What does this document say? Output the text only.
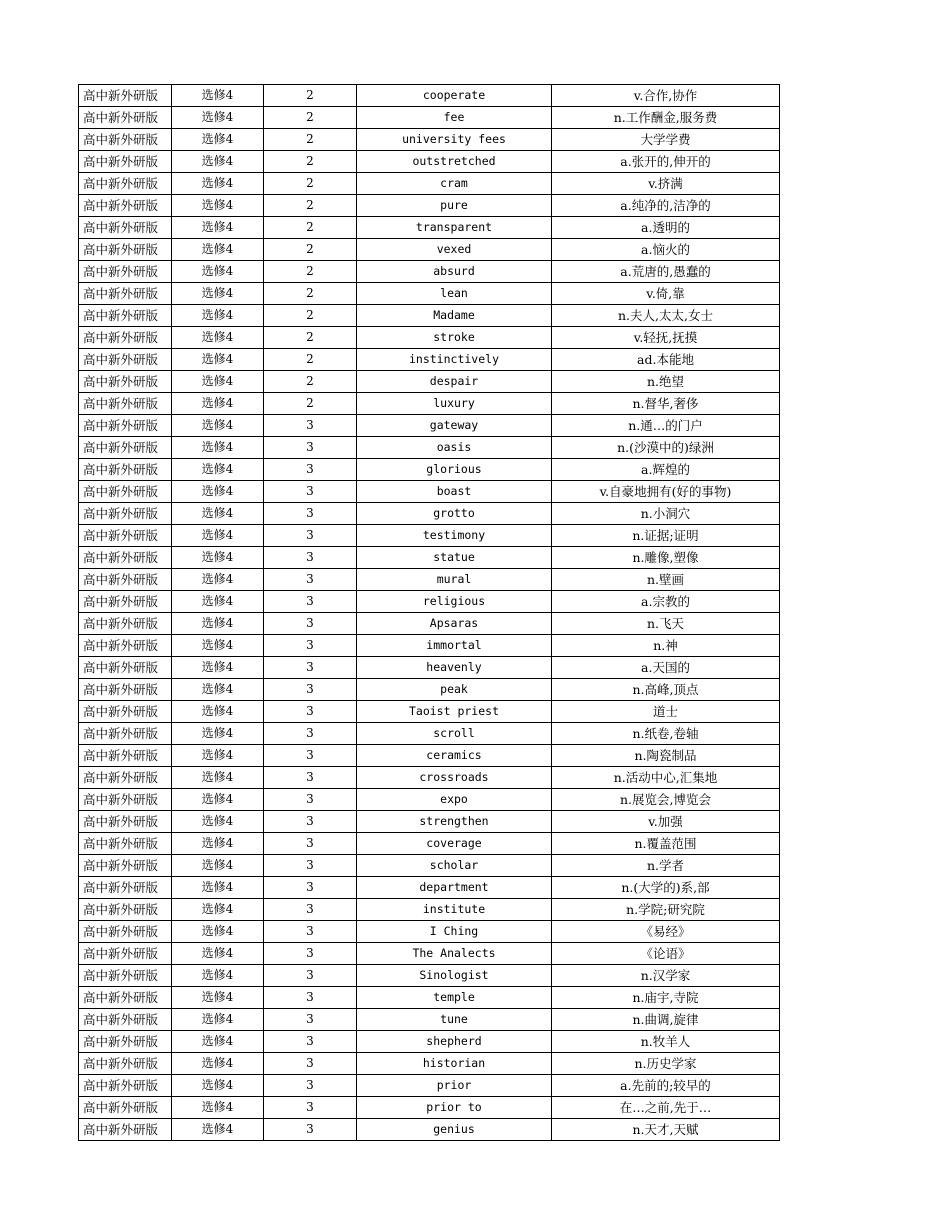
高中新外研版	选修4	2	cooperate	v.合作,协作
高中新外研版	选修4	2	fee	n.工作酬金,服务费
高中新外研版	选修4	2	university fees	大学学费
高中新外研版	选修4	2	outstretched	a.张开的,伸开的
高中新外研版	选修4	2	cram	v.挤满
高中新外研版	选修4	2	pure	a.纯净的,洁净的
高中新外研版	选修4	2	transparent	a.透明的
高中新外研版	选修4	2	vexed	a.恼火的
高中新外研版	选修4	2	absurd	a.荒唐的,愚蠢的
高中新外研版	选修4	2	lean	v.倚,靠
高中新外研版	选修4	2	Madame	n.夫人,太太,女士
高中新外研版	选修4	2	stroke	v.轻抚,抚摸
高中新外研版	选修4	2	instinctively	ad.本能地
高中新外研版	选修4	2	despair	n.绝望
高中新外研版	选修4	2	luxury	n.督华,奢侈
高中新外研版	选修4	3	gateway	n.通…的门户
高中新外研版	选修4	3	oasis	n.(沙漠中的)绿洲
高中新外研版	选修4	3	glorious	a.辉煌的
高中新外研版	选修4	3	boast	v.自豪地拥有(好的事物)
高中新外研版	选修4	3	grotto	n.小洞穴
高中新外研版	选修4	3	testimony	n.证据;证明
高中新外研版	选修4	3	statue	n.雕像,塑像
高中新外研版	选修4	3	mural	n.壁画
高中新外研版	选修4	3	religious	a.宗教的
高中新外研版	选修4	3	Apsaras	n.飞天
高中新外研版	选修4	3	immortal	n.神
高中新外研版	选修4	3	heavenly	a.天国的
高中新外研版	选修4	3	peak	n.高峰,顶点
高中新外研版	选修4	3	Taoist priest	道士
高中新外研版	选修4	3	scroll	n.纸卷,卷轴
高中新外研版	选修4	3	ceramics	n.陶瓷制品
高中新外研版	选修4	3	crossroads	n.活动中心,汇集地
高中新外研版	选修4	3	expo	n.展览会,博览会
高中新外研版	选修4	3	strengthen	v.加强
高中新外研版	选修4	3	coverage	n.覆盖范围
高中新外研版	选修4	3	scholar	n.学者
高中新外研版	选修4	3	department	n.(大学的)系,部
高中新外研版	选修4	3	institute	n.学院;研究院
高中新外研版	选修4	3	I Ching	《易经》
高中新外研版	选修4	3	The Analects	《论语》
高中新外研版	选修4	3	Sinologist	n.汉学家
高中新外研版	选修4	3	temple	n.庙宇,寺院
高中新外研版	选修4	3	tune	n.曲调,旋律
高中新外研版	选修4	3	shepherd	n.牧羊人
高中新外研版	选修4	3	historian	n.历史学家
高中新外研版	选修4	3	prior	a.先前的;较早的
高中新外研版	选修4	3	prior to	在…之前,先于…
高中新外研版	选修4	3	genius	n.天才,天赋
